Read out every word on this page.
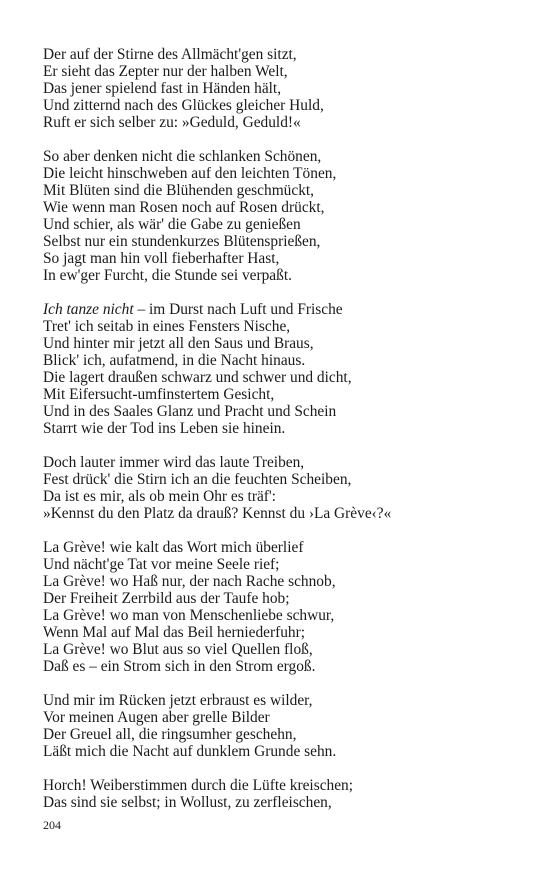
Der auf der Stirne des Allmächt'gen sitzt,
Er sieht das Zepter nur der halben Welt,
Das jener spielend fast in Händen hält,
Und zitternd nach des Glückes gleicher Huld,
Ruft er sich selber zu: »Geduld, Geduld!«
So aber denken nicht die schlanken Schönen,
Die leicht hinschweben auf den leichten Tönen,
Mit Blüten sind die Blühenden geschmückt,
Wie wenn man Rosen noch auf Rosen drückt,
Und schier, als wär' die Gabe zu genießen
Selbst nur ein stundenkurzes Blütensprießen,
So jagt man hin voll fieberhafter Hast,
In ew'ger Furcht, die Stunde sei verpaßt.
Ich tanze nicht – im Durst nach Luft und Frische
Tret' ich seitab in eines Fensters Nische,
Und hinter mir jetzt all den Saus und Braus,
Blick' ich, aufatmend, in die Nacht hinaus.
Die lagert draußen schwarz und schwer und dicht,
Mit Eifersucht-umfinstertem Gesicht,
Und in des Saales Glanz und Pracht und Schein
Starrt wie der Tod ins Leben sie hinein.
Doch lauter immer wird das laute Treiben,
Fest drück' die Stirn ich an die feuchten Scheiben,
Da ist es mir, als ob mein Ohr es träf':
»Kennst du den Platz da drauß? Kennst du ›La Grève‹?«
La Grève! wie kalt das Wort mich überlief
Und nächt'ge Tat vor meine Seele rief;
La Grève! wo Haß nur, der nach Rache schnob,
Der Freiheit Zerrbild aus der Taufe hob;
La Grève! wo man von Menschenliebe schwur,
Wenn Mal auf Mal das Beil herniederfuhr;
La Grève! wo Blut aus so viel Quellen floß,
Daß es – ein Strom sich in den Strom ergoß.
Und mir im Rücken jetzt erbraust es wilder,
Vor meinen Augen aber grelle Bilder
Der Greuel all, die ringsumher geschehn,
Läßt mich die Nacht auf dunklem Grunde sehn.
Horch! Weiberstimmen durch die Lüfte kreischen;
Das sind sie selbst; in Wollust, zu zerfleischen,
204
